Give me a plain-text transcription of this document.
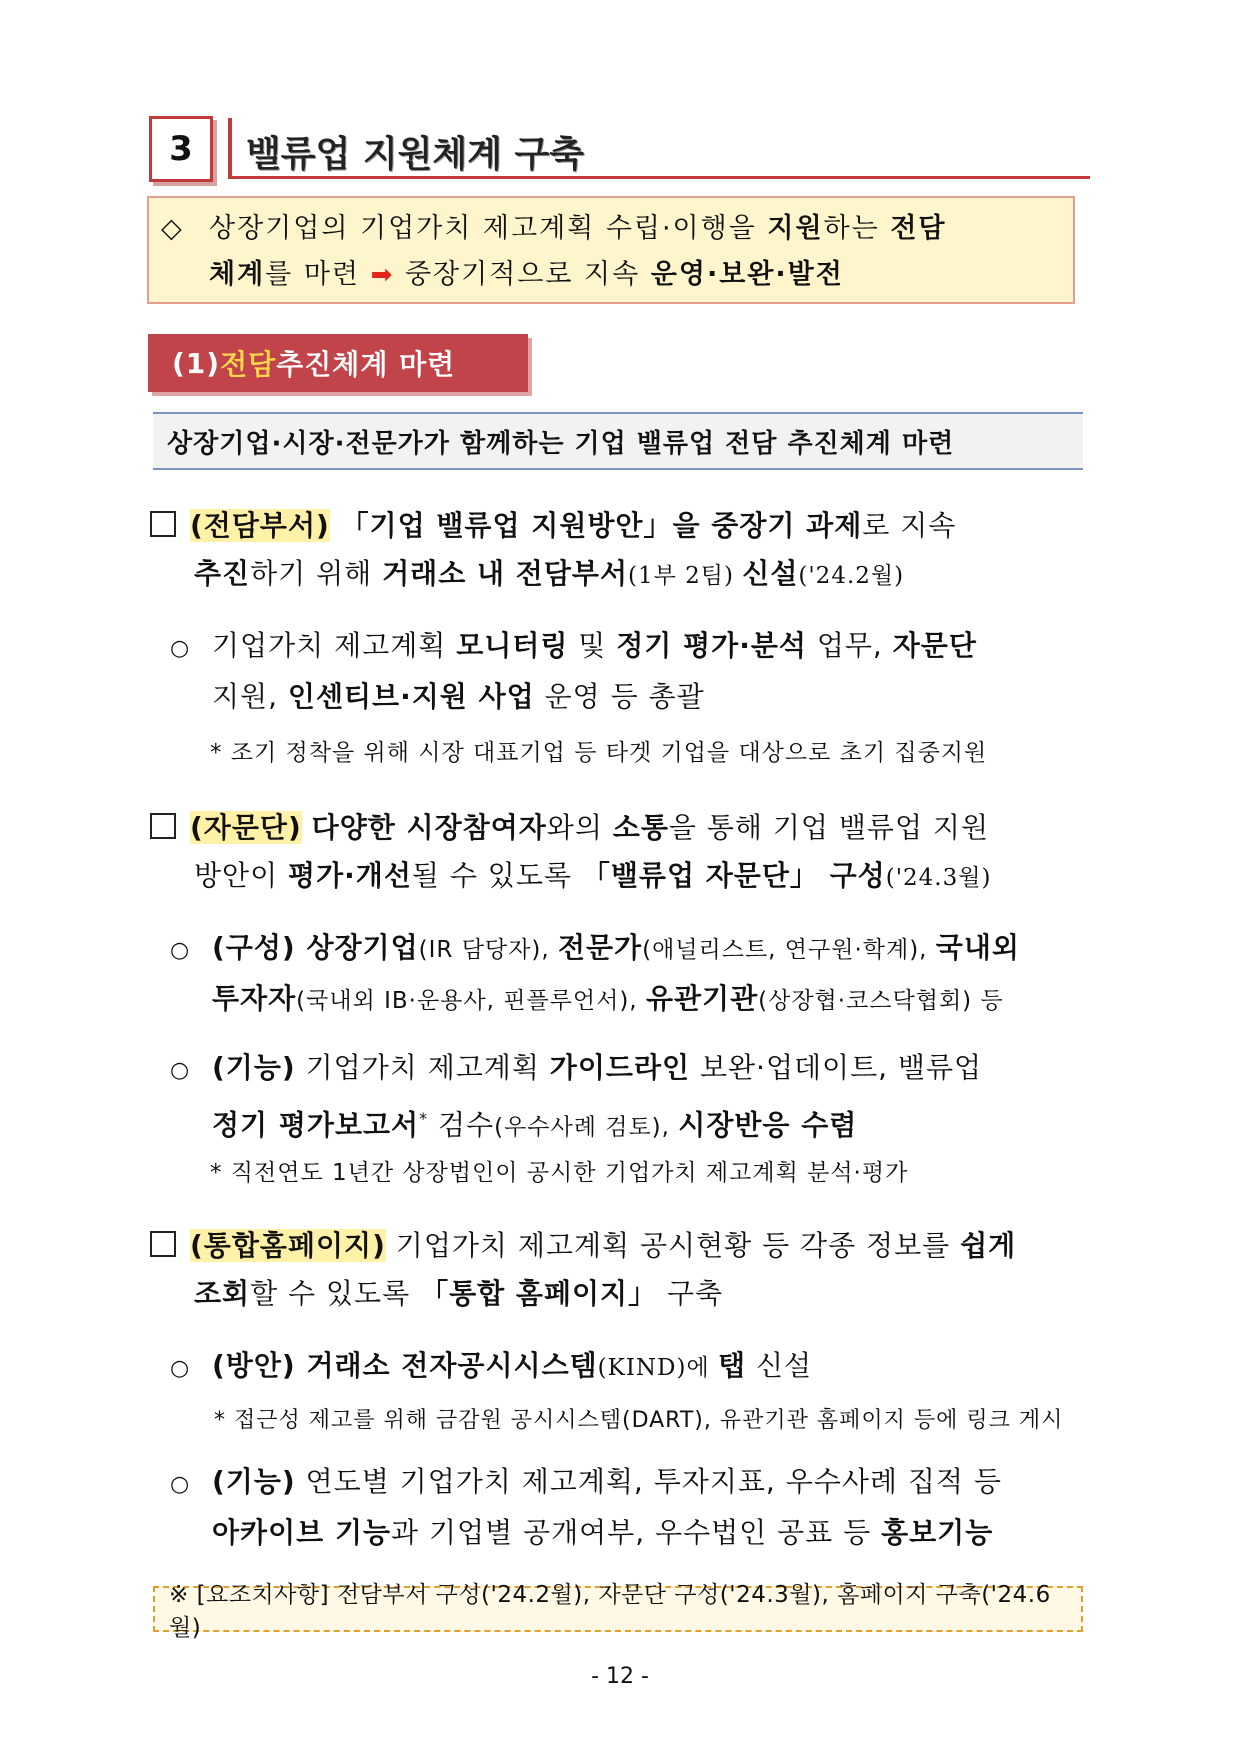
3	밸류업 지원체계 구축
◇ 상장기업의 기업가치 제고계획 수립·이행을 지원하는 전담
체계를 마련 ➡ 중장기적으로 지속 운영·보완·발전
(1) 전담 추진체계 마련
상장기업·시장·전문가가 함께하는 기업 밸류업 전담 추진체계 마련
(전담부서) 「기업 밸류업 지원방안」을 중장기 과제로 지속
추진하기 위해 거래소 내 전담부서(1부 2팀) 신설('24.2월)
○ 기업가치 제고계획 모니터링 및 정기 평가·분석 업무, 자문단
지원, 인센티브·지원 사업 운영 등 총괄
* 조기 정착을 위해 시장 대표기업 등 타겟 기업을 대상으로 초기 집중지원
(자문단) 다양한 시장참여자와의 소통을 통해 기업 밸류업 지원
방안이 평가·개선될 수 있도록 「밸류업 자문단」 구성('24.3월)
○ (구성) 상장기업(IR 담당자), 전문가(애널리스트, 연구원·학계), 국내외
투자자(국내외 IB·운용사, 핀플루언서), 유관기관(상장협·코스닥협회) 등
○ (기능) 기업가치 제고계획 가이드라인 보완·업데이트, 밸류업
정기 평가보고서* 검수(우수사례 검토), 시장반응 수렴
* 직전연도 1년간 상장법인이 공시한 기업가치 제고계획 분석·평가
(통합홈페이지) 기업가치 제고계획 공시현황 등 각종 정보를 쉽게
조회할 수 있도록 「통합 홈페이지」 구축
○ (방안) 거래소 전자공시시스템(KIND)에 탭 신설
* 접근성 제고를 위해 금감원 공시시스템(DART), 유관기관 홈페이지 등에 링크 게시
○ (기능) 연도별 기업가치 제고계획, 투자지표, 우수사례 집적 등
아카이브 기능과 기업별 공개여부, 우수법인 공표 등 홍보기능
※ [요조치사항] 전담부서 구성('24.2월), 자문단 구성('24.3월), 홈페이지 구축('24.6월)
- 12 -
